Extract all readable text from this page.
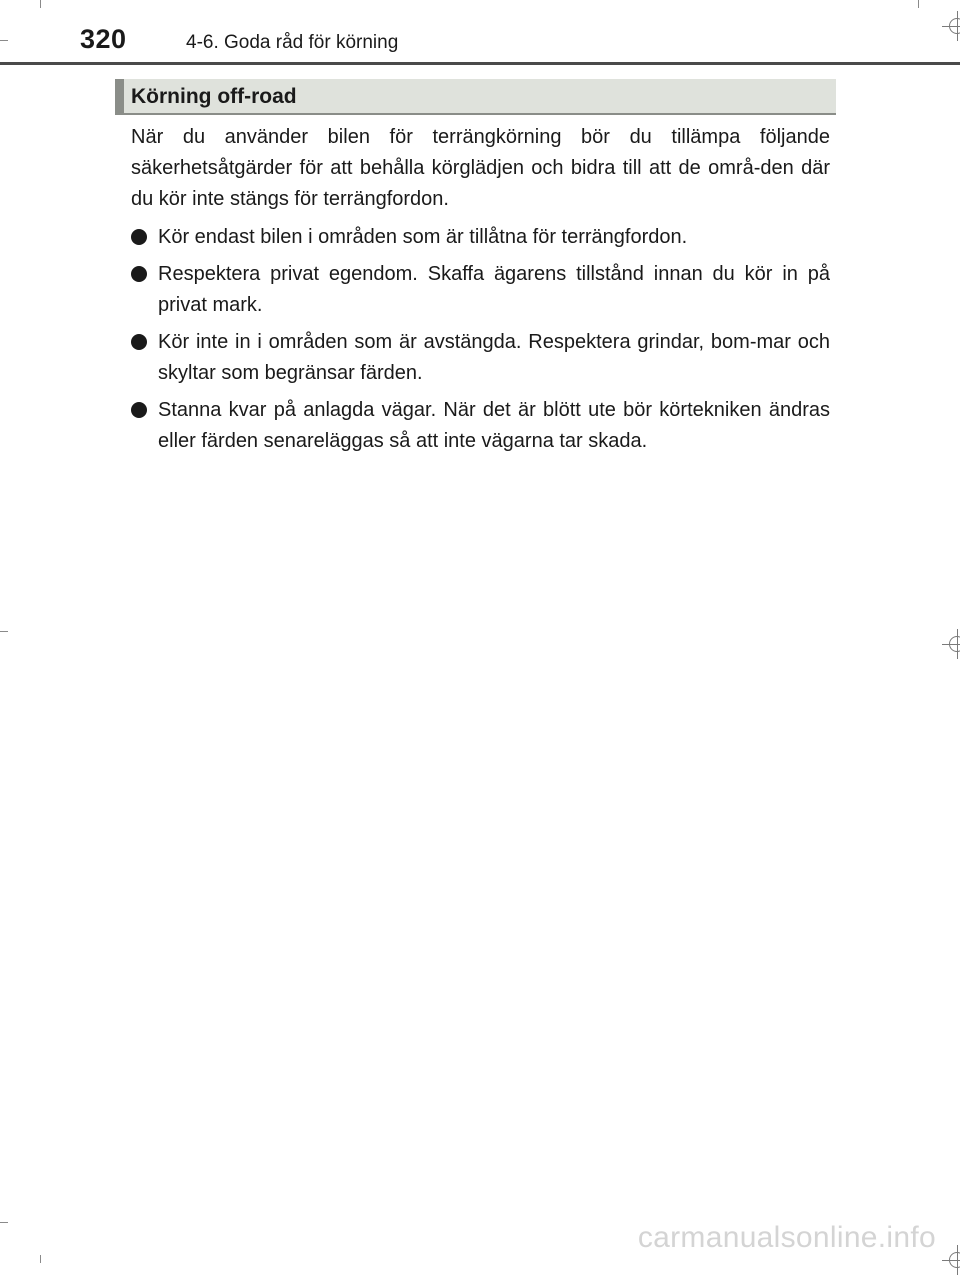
320	4-6. Goda råd för körning
Körning off-road

När du använder bilen för terrängkörning bör du tillämpa följande säkerhetsåtgärder för att behålla körglädjen och bidra till att de områ-den där du kör inte stängs för terrängfordon.

Kör endast bilen i områden som är tillåtna för terrängfordon.
Respektera privat egendom. Skaffa ägarens tillstånd innan du kör in på privat mark.
Kör inte in i områden som är avstängda. Respektera grindar, bom-mar och skyltar som begränsar färden.
Stanna kvar på anlagda vägar. När det är blött ute bör körtekniken ändras eller färden senareläggas så att inte vägarna tar skada.
carmanualsonline.info
